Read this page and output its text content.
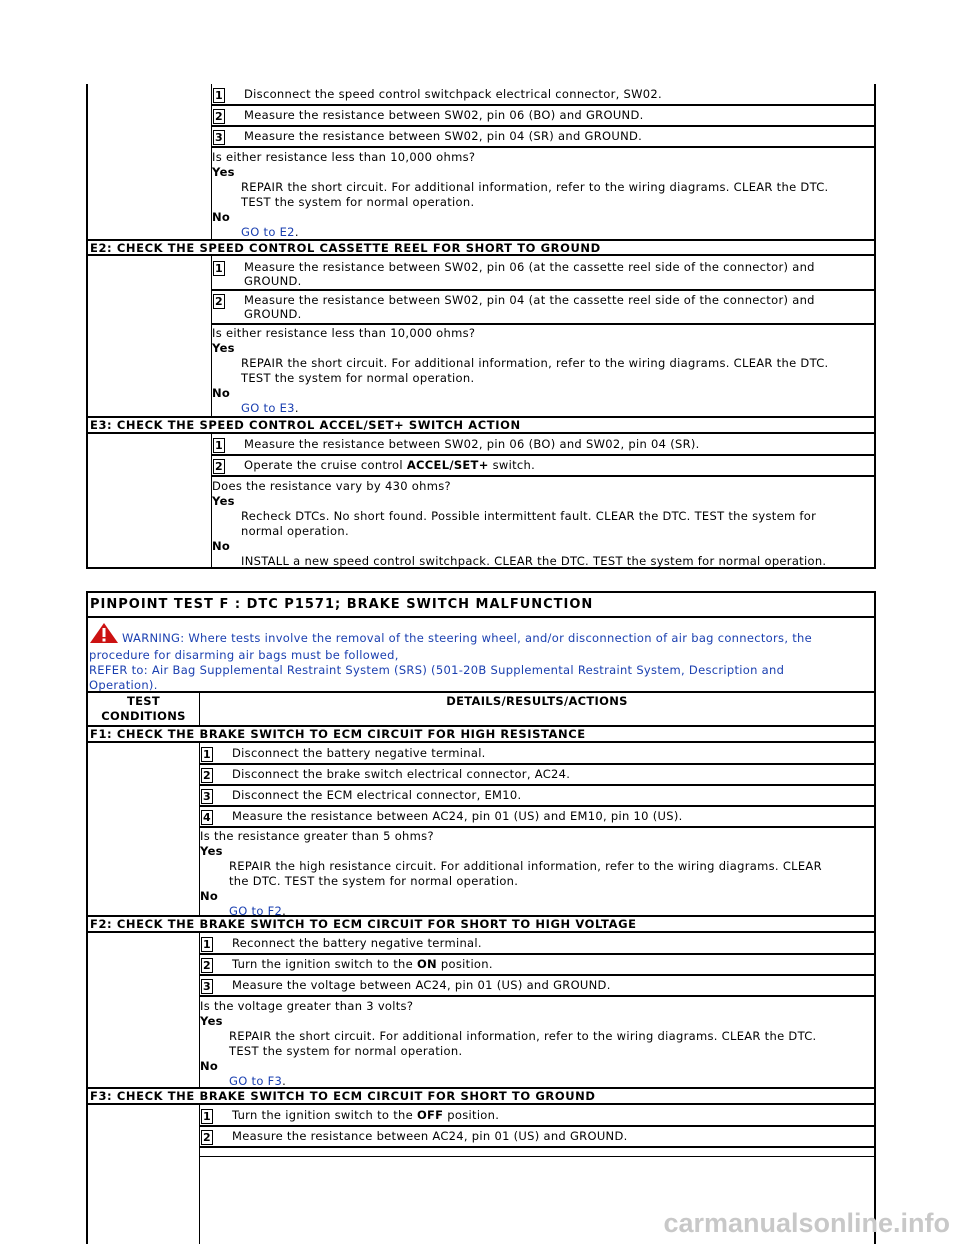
1 Disconnect the speed control switchpack electrical connector, SW02.
2 Measure the resistance between SW02, pin 06 (BO) and GROUND.
3 Measure the resistance between SW02, pin 04 (SR) and GROUND.
Is either resistance less than 10,000 ohms?
Yes
REPAIR the short circuit. For additional information, refer to the wiring diagrams. CLEAR the DTC.
TEST the system for normal operation.
No
GO to E2.
E2: CHECK THE SPEED CONTROL CASSETTE REEL FOR SHORT TO GROUND
1 Measure the resistance between SW02, pin 06 (at the cassette reel side of the connector) and
GROUND.
2 Measure the resistance between SW02, pin 04 (at the cassette reel side of the connector) and
GROUND.
Is either resistance less than 10,000 ohms?
Yes
REPAIR the short circuit. For additional information, refer to the wiring diagrams. CLEAR the DTC.
TEST the system for normal operation.
No
GO to E3.
E3: CHECK THE SPEED CONTROL ACCEL/SET+ SWITCH ACTION
1 Measure the resistance between SW02, pin 06 (BO) and SW02, pin 04 (SR).
2 Operate the cruise control ACCEL/SET+ switch.
Does the resistance vary by 430 ohms?
Yes
Recheck DTCs. No short found. Possible intermittent fault. CLEAR the DTC. TEST the system for
normal operation.
No
INSTALL a new speed control switchpack. CLEAR the DTC. TEST the system for normal operation.
PINPOINT TEST F : DTC P1571; BRAKE SWITCH MALFUNCTION
WARNING: Where tests involve the removal of the steering wheel, and/or disconnection of air bag connectors, the
procedure for disarming air bags must be followed,
REFER to: Air Bag Supplemental Restraint System (SRS) (501-20B Supplemental Restraint System, Description and
Operation).
TEST
CONDITIONS
DETAILS/RESULTS/ACTIONS
F1: CHECK THE BRAKE SWITCH TO ECM CIRCUIT FOR HIGH RESISTANCE
1 Disconnect the battery negative terminal.
2 Disconnect the brake switch electrical connector, AC24.
3 Disconnect the ECM electrical connector, EM10.
4 Measure the resistance between AC24, pin 01 (US) and EM10, pin 10 (US).
Is the resistance greater than 5 ohms?
Yes
REPAIR the high resistance circuit. For additional information, refer to the wiring diagrams. CLEAR
the DTC. TEST the system for normal operation.
No
GO to F2.
F2: CHECK THE BRAKE SWITCH TO ECM CIRCUIT FOR SHORT TO HIGH VOLTAGE
1 Reconnect the battery negative terminal.
2 Turn the ignition switch to the ON position.
3 Measure the voltage between AC24, pin 01 (US) and GROUND.
Is the voltage greater than 3 volts?
Yes
REPAIR the short circuit. For additional information, refer to the wiring diagrams. CLEAR the DTC.
TEST the system for normal operation.
No
GO to F3.
F3: CHECK THE BRAKE SWITCH TO ECM CIRCUIT FOR SHORT TO GROUND
1 Turn the ignition switch to the OFF position.
2 Measure the resistance between AC24, pin 01 (US) and GROUND.
carmanualsonline.info
